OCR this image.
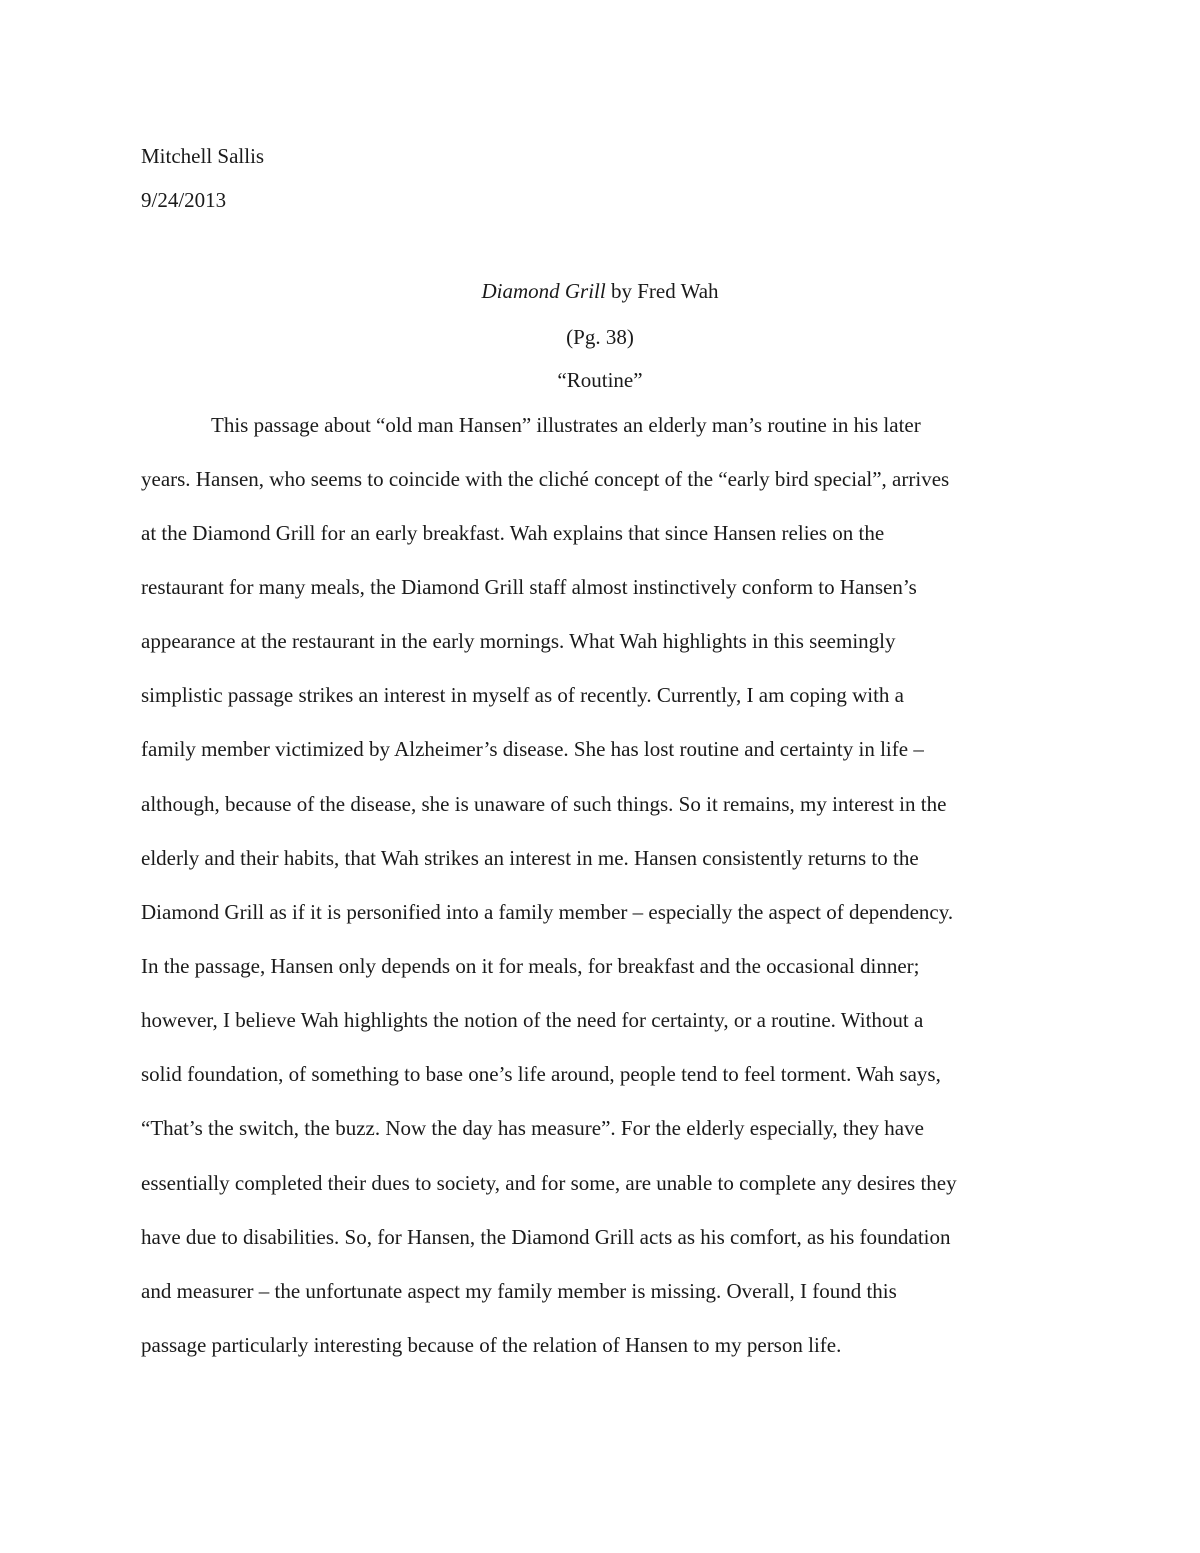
Mitchell Sallis
9/24/2013
Diamond Grill by Fred Wah
(Pg. 38)
“Routine”
This passage about “old man Hansen” illustrates an elderly man’s routine in his later
years. Hansen, who seems to coincide with the cliché concept of the “early bird special”, arrives
at the Diamond Grill for an early breakfast. Wah explains that since Hansen relies on the
restaurant for many meals, the Diamond Grill staff almost instinctively conform to Hansen’s
appearance at the restaurant in the early mornings. What Wah highlights in this seemingly
simplistic passage strikes an interest in myself as of recently. Currently, I am coping with a
family member victimized by Alzheimer’s disease. She has lost routine and certainty in life –
although, because of the disease, she is unaware of such things. So it remains, my interest in the
elderly and their habits, that Wah strikes an interest in me. Hansen consistently returns to the
Diamond Grill as if it is personified into a family member – especially the aspect of dependency.
In the passage, Hansen only depends on it for meals, for breakfast and the occasional dinner;
however, I believe Wah highlights the notion of the need for certainty, or a routine. Without a
solid foundation, of something to base one’s life around, people tend to feel torment. Wah says,
“That’s the switch, the buzz. Now the day has measure”. For the elderly especially, they have
essentially completed their dues to society, and for some, are unable to complete any desires they
have due to disabilities. So, for Hansen, the Diamond Grill acts as his comfort, as his foundation
and measurer – the unfortunate aspect my family member is missing. Overall, I found this
passage particularly interesting because of the relation of Hansen to my person life.
